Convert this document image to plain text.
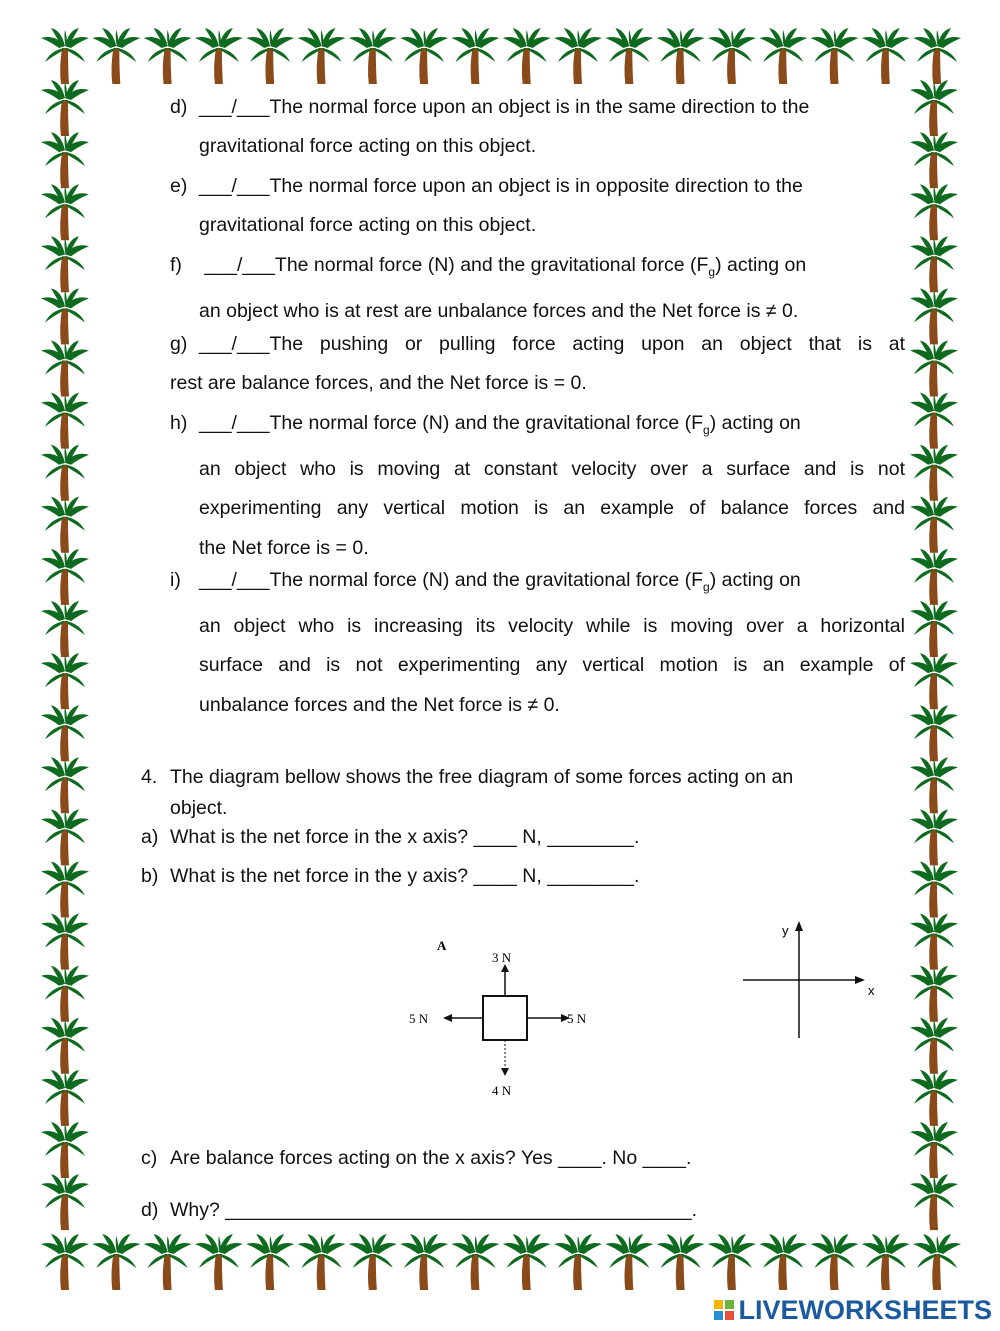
d) ___/___The normal force upon an object is in the same direction to the
gravitational force acting on this object.
e) ___/___The normal force upon an object is in opposite direction to the
gravitational force acting on this object.
f) ___/___The normal force (N) and the gravitational force $(F_g)$ acting on
an object who is at rest are unbalance forces and the Net force is ≠ 0.
g) ___/___The pushing or pulling force acting upon an object that is at
rest are balance forces, and the Net force is = 0.
h) ___/___The normal force (N) and the gravitational force $(F_g)$ acting on
an object who is moving at constant velocity over a surface and is not
experimenting any vertical motion is an example of balance forces and
the Net force is = 0.
i) ___/___The normal force (N) and the gravitational force $(F_g)$ acting on
an object who is increasing its velocity while is moving over a horizontal
surface and is not experimenting any vertical motion is an example of
unbalance forces and the Net force is ≠ 0.
4. The diagram bellow shows the free diagram of some forces acting on an
object.
a) What is the net force in the x axis? ____ N, ________.
b) What is the net force in the y axis? ____ N, ________.
A
3 N
4 N
5 N	5 N
x
y
c) Are balance forces acting on the x axis? Yes ____. No ____.
d) Why? ___________________________________________.
LIVEWORKSHEETS
